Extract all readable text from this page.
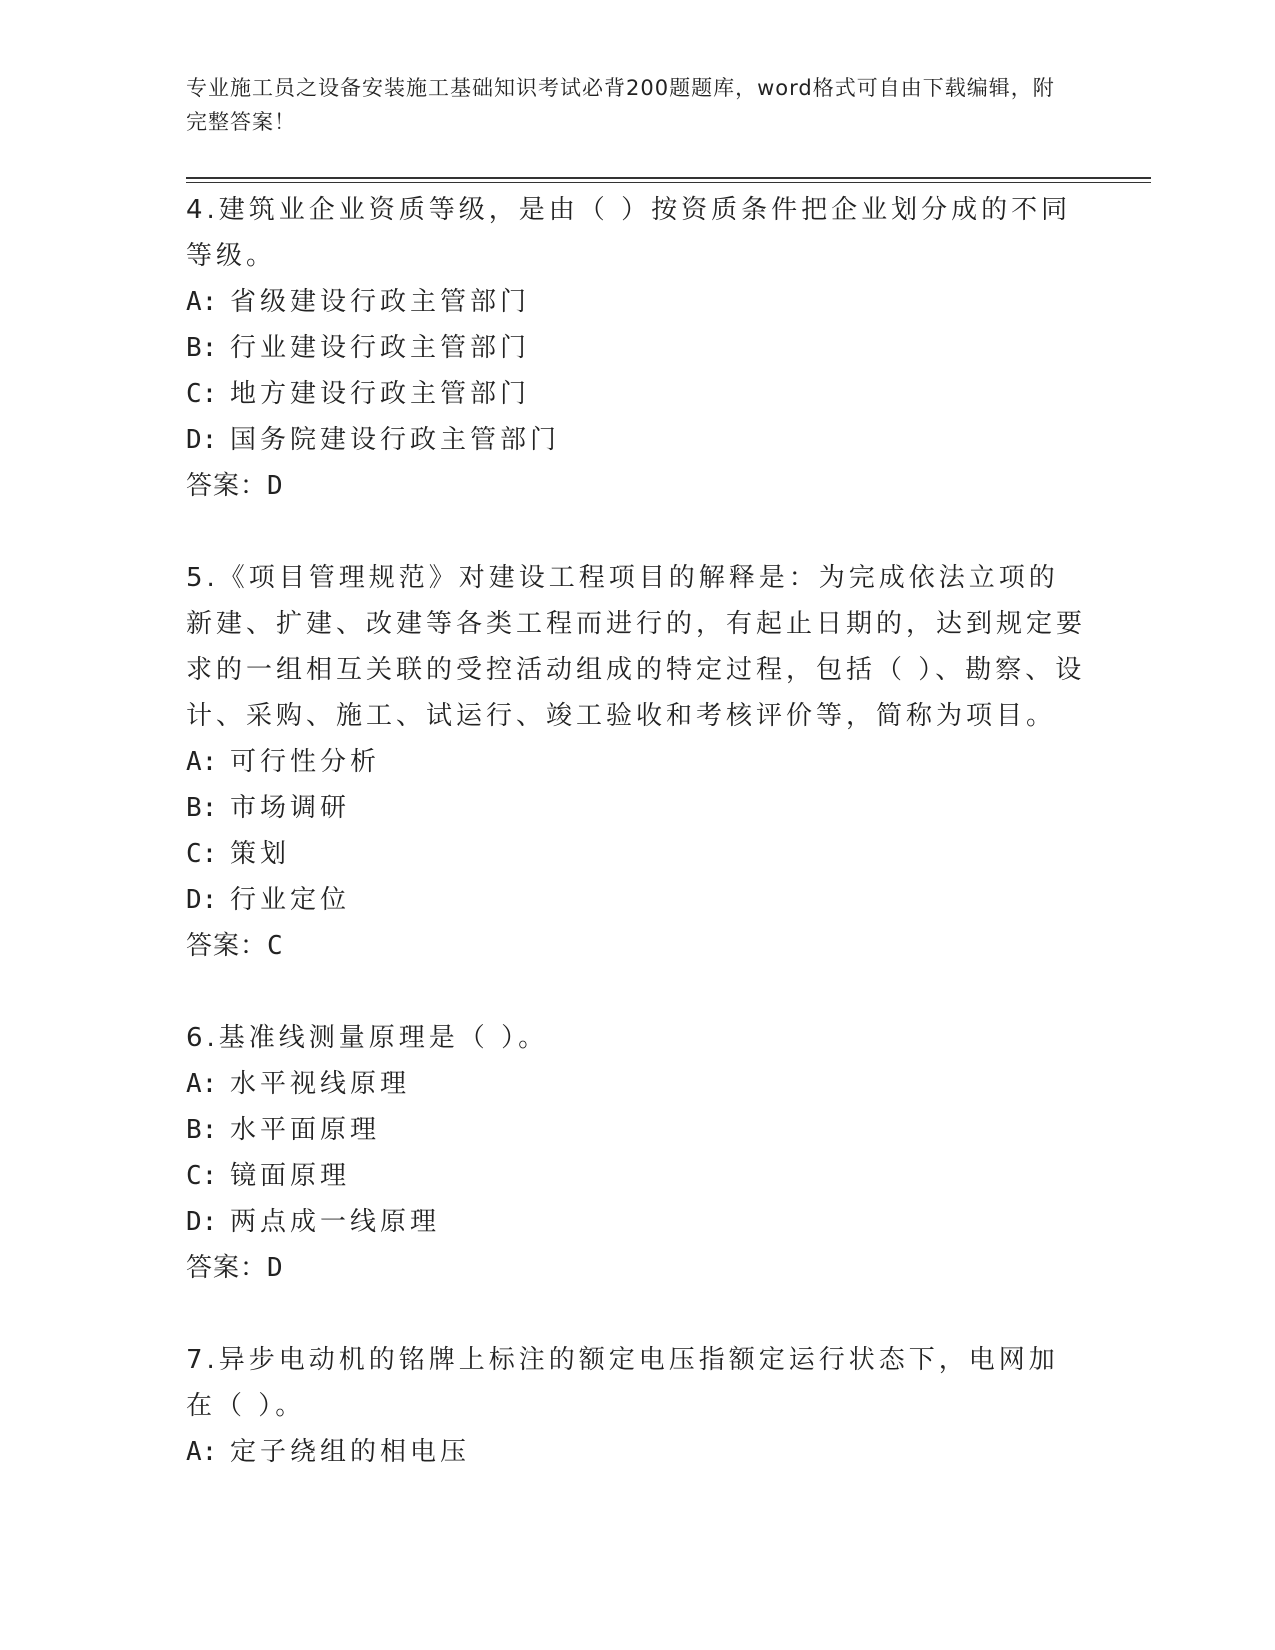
专业施工员之设备安装施工基础知识考试必背200题题库，word格式可自由下载编辑，附完整答案！
4.建筑业企业资质等级，是由（ ）按资质条件把企业划分成的不同等级。
A: 省级建设行政主管部门
B: 行业建设行政主管部门
C: 地方建设行政主管部门
D: 国务院建设行政主管部门
答案：D
5.《项目管理规范》对建设工程项目的解释是：为完成依法立项的新建、扩建、改建等各类工程而进行的，有起止日期的，达到规定要求的一组相互关联的受控活动组成的特定过程，包括（ ）、勘察、设计、采购、施工、试运行、竣工验收和考核评价等，简称为项目。
A: 可行性分析
B: 市场调研
C: 策划
D: 行业定位
答案：C
6.基准线测量原理是（ ）。
A: 水平视线原理
B: 水平面原理
C: 镜面原理
D: 两点成一线原理
答案：D
7.异步电动机的铭牌上标注的额定电压指额定运行状态下，电网加在（ ）。
A: 定子绕组的相电压
